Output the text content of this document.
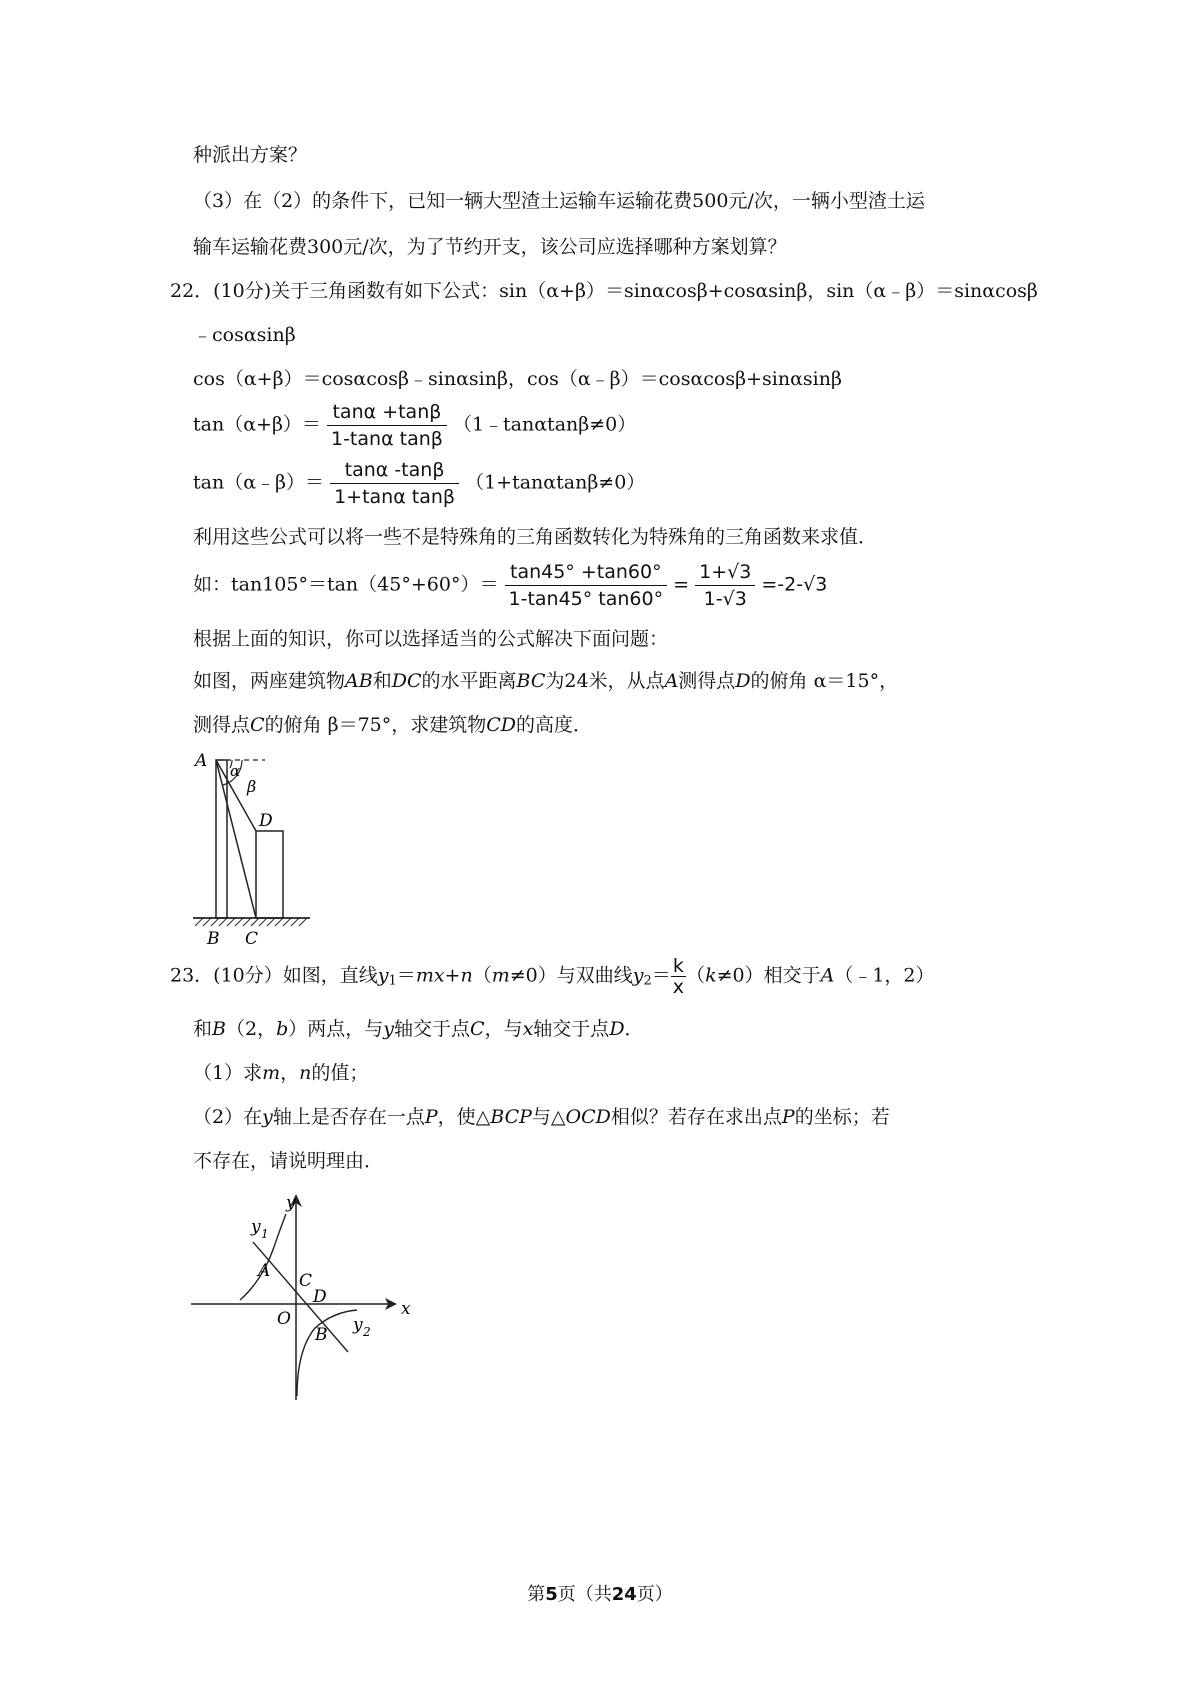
种派出方案？
（3）在（2）的条件下，已知一辆大型渣土运输车运输花费500元/次，一辆小型渣土运
输车运输花费300元/次，为了节约开支，该公司应选择哪种方案划算？
22．(10分)关于三角函数有如下公式：sin（α+β）＝sinαcosβ+cosαsinβ，sin（α﹣β）＝sinαcosβ
﹣cosαsinβ
cos（α+β）＝cosαcosβ﹣sinαsinβ，cos（α﹣β）＝cosαcosβ+sinαsinβ
$\tan(\alpha+\beta)= \frac{\tan\alpha +\tan\beta}{\text{1-tanα tanβ}}$ （1﹣tanαtanβ≠0）
tan（α﹣β）＝ $\frac{\tan\alpha -\tan\beta}{\text{1+tanα tanβ}} (1+\tan\alpha\tan\beta\ne 0)$
利用这些公式可以将一些不是特殊角的三角函数转化为特殊角的三角函数来求值．
如：$\tan 105^\circ=\tan(45^\circ+60^\circ)= \frac{\tan 45^\circ +\tan 60^\circ}{1-\tan 45^\circ \tan 60^\circ} = \frac{1+√3}{1-√3} =-2-√3$
根据上面的知识，你可以选择适当的公式解决下面问题：
如图，两座建筑物AB和DC的水平距离BC为24米，从点A测得点D的俯角 α＝15°，
测得点C的俯角 β＝75°，求建筑物CD的高度．
A α
β
D
B C
23．(10分）如图，直线$y_1=mx+n(m\ne 0)$与双曲线$y_2= \frac{k}{x} (k\ne 0)$相交于A（﹣1，2）
和B（2，b）两点，与y轴交于点C，与x轴交于点D．
（1）求m，n的值；
（2）在y轴上是否存在一点P，使△BCP与△OCD相似？若存在求出点P的坐标；若
不存在，请说明理由．
y
x
y 1
A C
D
O
B y 2
第5页（共24页）
